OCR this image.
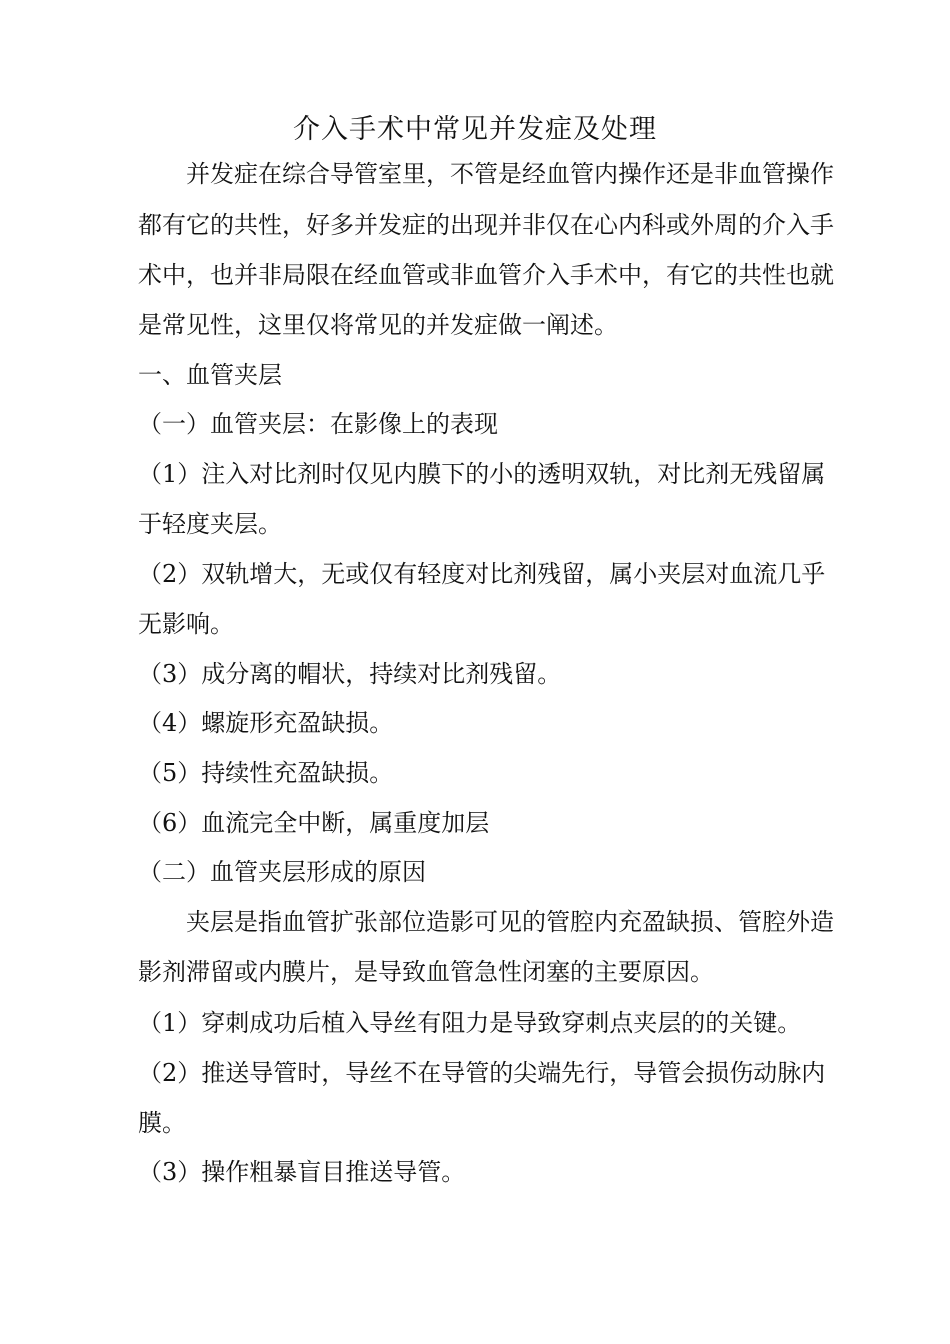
介入手术中常见并发症及处理
并发症在综合导管室里，不管是经血管内操作还是非血管操作
都有它的共性，好多并发症的出现并非仅在心内科或外周的介入手
术中，也并非局限在经血管或非血管介入手术中，有它的共性也就
是常见性，这里仅将常见的并发症做一阐述。
一、血管夹层
（一）血管夹层：在影像上的表现
（1）注入对比剂时仅见内膜下的小的透明双轨，对比剂无残留属
于轻度夹层。
（2）双轨增大，无或仅有轻度对比剂残留，属小夹层对血流几乎
无影响。
（3）成分离的帽状，持续对比剂残留。
（4）螺旋形充盈缺损。
（5）持续性充盈缺损。
（6）血流完全中断，属重度加层
（二）血管夹层形成的原因
夹层是指血管扩张部位造影可见的管腔内充盈缺损、管腔外造
影剂滞留或内膜片，是导致血管急性闭塞的主要原因。
（1）穿刺成功后植入导丝有阻力是导致穿刺点夹层的的关键。
（2）推送导管时，导丝不在导管的尖端先行，导管会损伤动脉内
膜。
（3）操作粗暴盲目推送导管。
